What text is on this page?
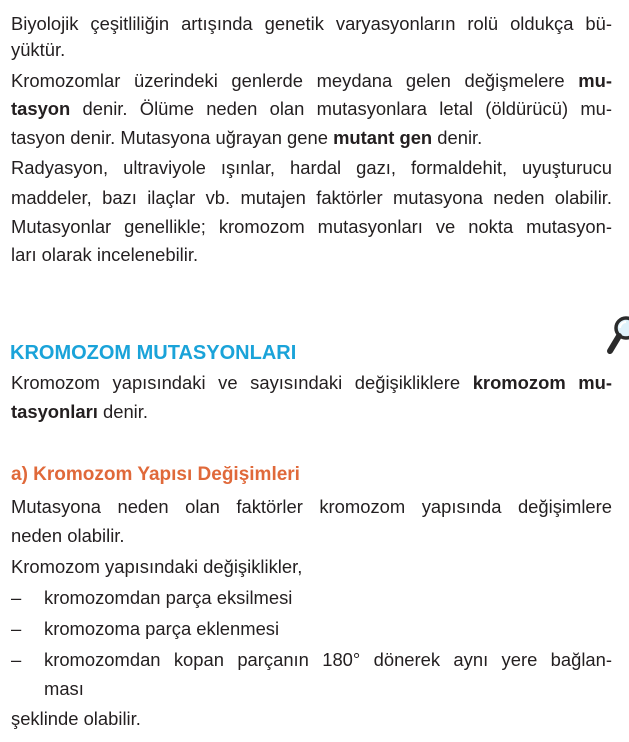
Biyolojik çeşitliliğin artışında genetik varyasyonların rolü oldukça bü-
yüktür.
Kromozomlar üzerindeki genlerde meydana gelen değişmelere mu-
tasyon denir. Ölüme neden olan mutasyonlara letal (öldürücü) mu-
tasyon denir. Mutasyona uğrayan gene mutant gen denir.
Radyasyon, ultraviyole ışınlar, hardal gazı, formaldehit, uyuşturucu
maddeler, bazı ilaçlar vb. mutajen faktörler mutasyona neden olabilir.
Mutasyonlar genellikle; kromozom mutasyonları ve nokta mutasyon-
ları olarak incelenebilir.
KROMOZOM MUTASYONLARI
Kromozom yapısındaki ve sayısındaki değişikliklere kromozom mu-
tasyonları denir.
a) Kromozom Yapısı Değişimleri
Mutasyona neden olan faktörler kromozom yapısında değişimlere
neden olabilir.
Kromozom yapısındaki değişiklikler,
– kromozomdan parça eksilmesi
– kromozoma parça eklenmesi
– kromozomdan kopan parçanın 180° dönerek aynı yere bağlan-
ması
şeklinde olabilir.
